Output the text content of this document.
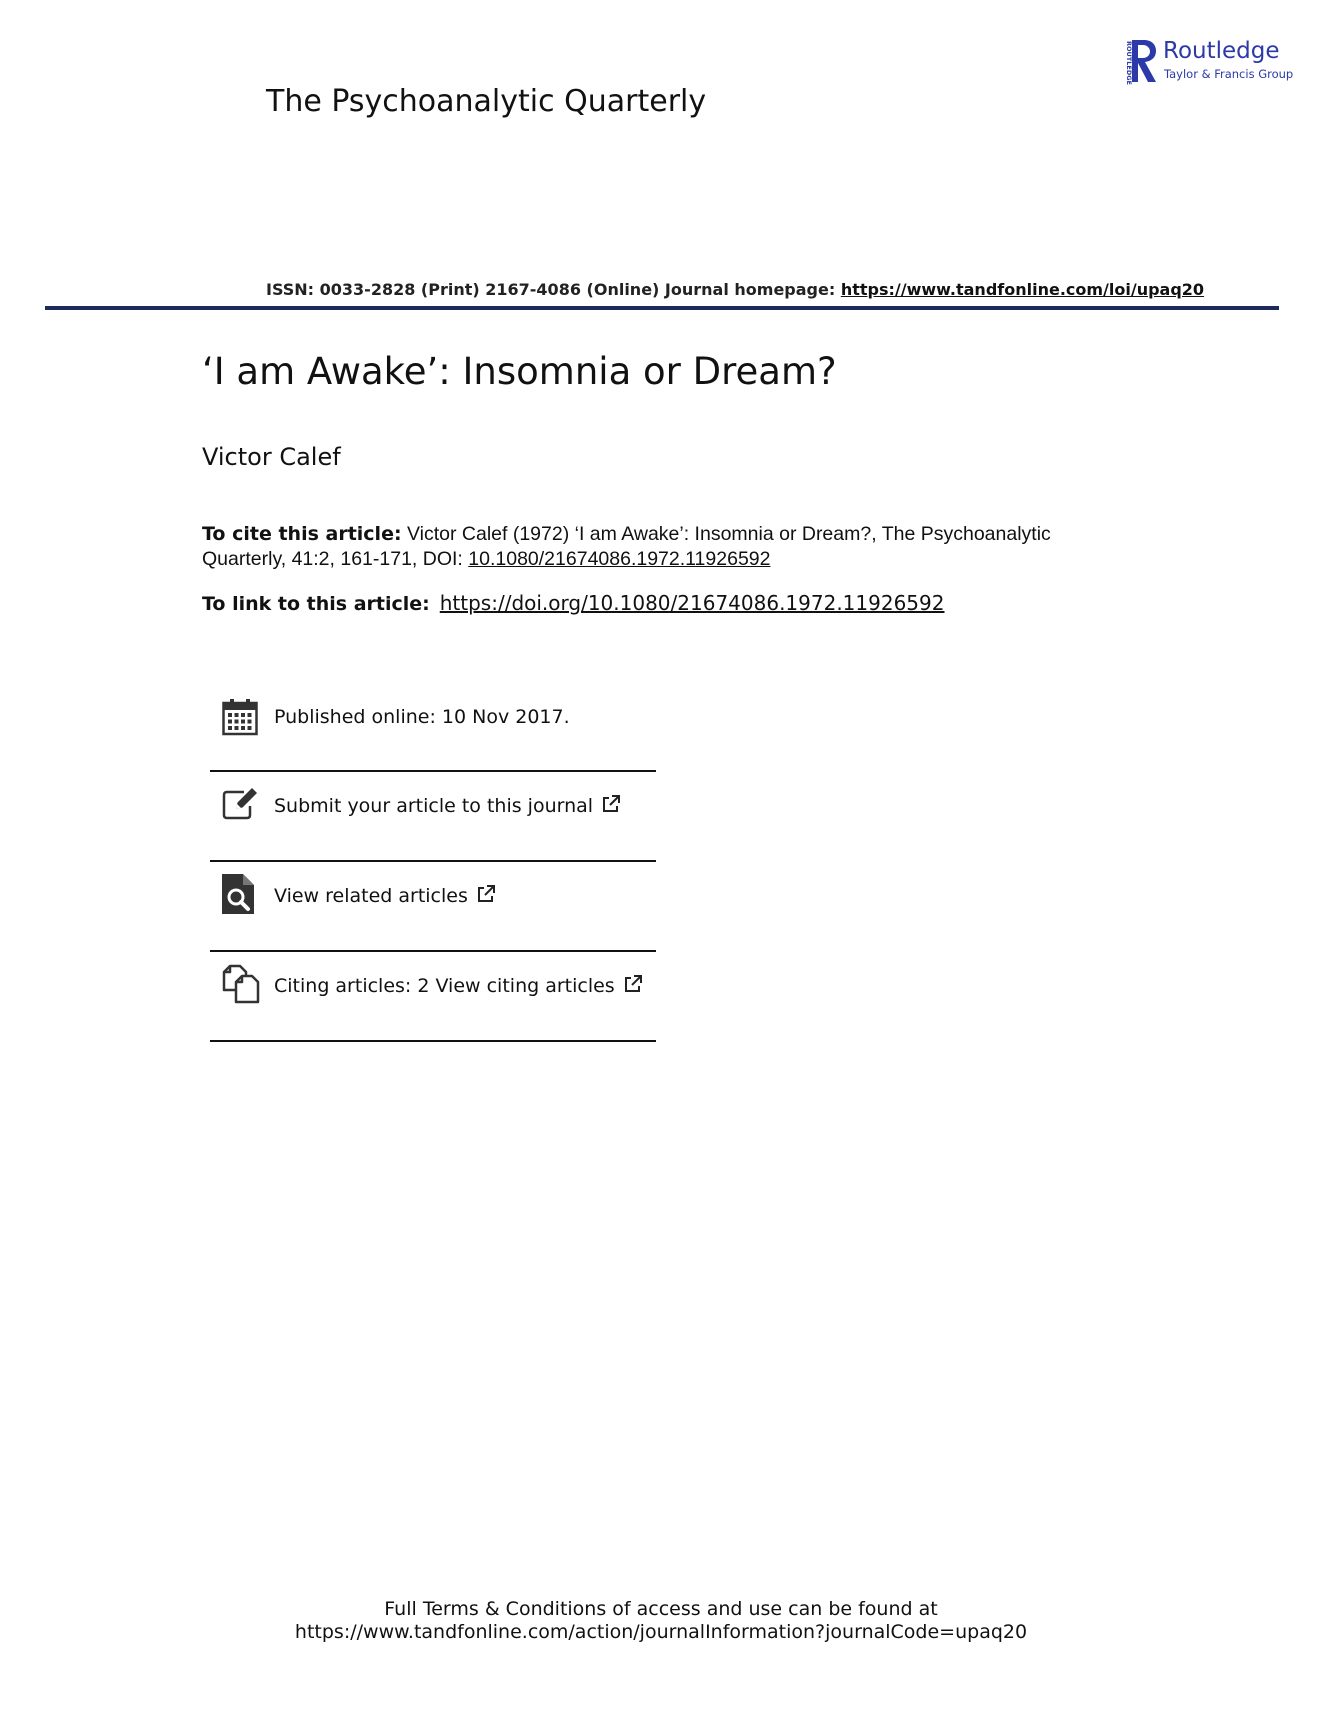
The Psychoanalytic Quarterly
ROUTLEDGE Routledge
Taylor & Francis Group
ISSN: 0033-2828 (Print) 2167-4086 (Online) Journal homepage: https://www.tandfonline.com/loi/upaq20
‘I am Awake’: Insomnia or Dream?
Victor Calef
To cite this article: Victor Calef (1972) ‘I am Awake’: Insomnia or Dream?, The Psychoanalytic Quarterly, 41:2, 161-171, DOI: 10.1080/21674086.1972.11926592
To link to this article: https://doi.org/10.1080/21674086.1972.11926592
Published online: 10 Nov 2017.
Submit your article to this journal
View related articles
Citing articles: 2 View citing articles
Full Terms & Conditions of access and use can be found at
https://www.tandfonline.com/action/journalInformation?journalCode=upaq20
